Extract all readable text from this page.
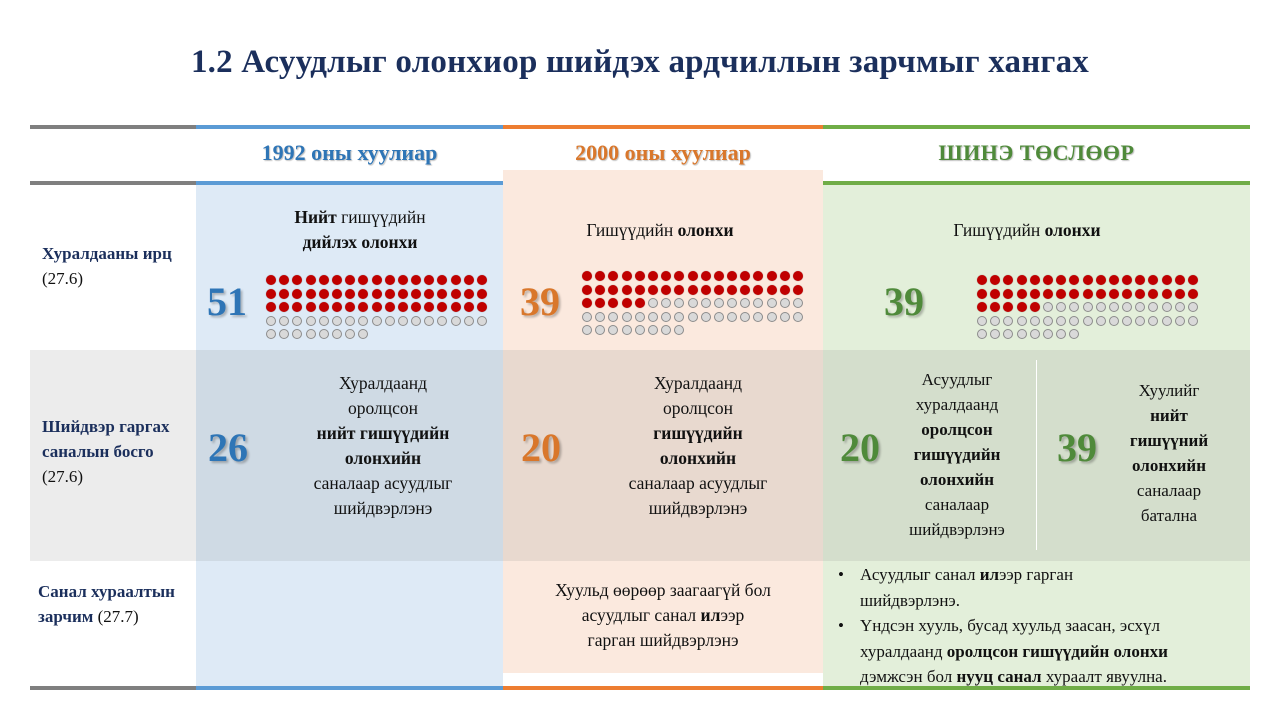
1.2 Асуудлыг олонхиор шийдэх ардчиллын зарчмыг хангах
1992 оны хуулиар	2000 оны хуулиар	ШИНЭ ТӨСЛӨӨР
Хуралдааны ирц (27.6)
Шийдвэр гаргах саналын босго
(27.6)
Санал хураалтын зарчим (27.7)
Нийт гишүүдийн
дийлэх олонхи
51
Гишүүдийн олонхи
39
Гишүүдийн олонхи
39
26
Хуралдаанд
оролцсон
нийт гишүүдийн
олонхийн
саналаар асуудлыг
шийдвэрлэнэ
20
Хуралдаанд
оролцсон
гишүүдийн
олонхийн
саналаар асуудлыг
шийдвэрлэнэ
20
Асуудлыг
хуралдаанд
оролцсон
гишүүдийн
олонхийн
саналаар
шийдвэрлэнэ
39
Хуулийг
нийт
гишүүний
олонхийн
саналаар
батална
Хуульд өөрөөр заагаагүй бол
асуудлыг санал илээр
гарган шийдвэрлэнэ
• Асуудлыг санал илээр гарган
шийдвэрлэнэ.
• Үндсэн хууль, бусад хуульд заасан, эсхүл
хуралдаанд оролцсон гишүүдийн олонхи
дэмжсэн бол нууц санал хураалт явуулна.
